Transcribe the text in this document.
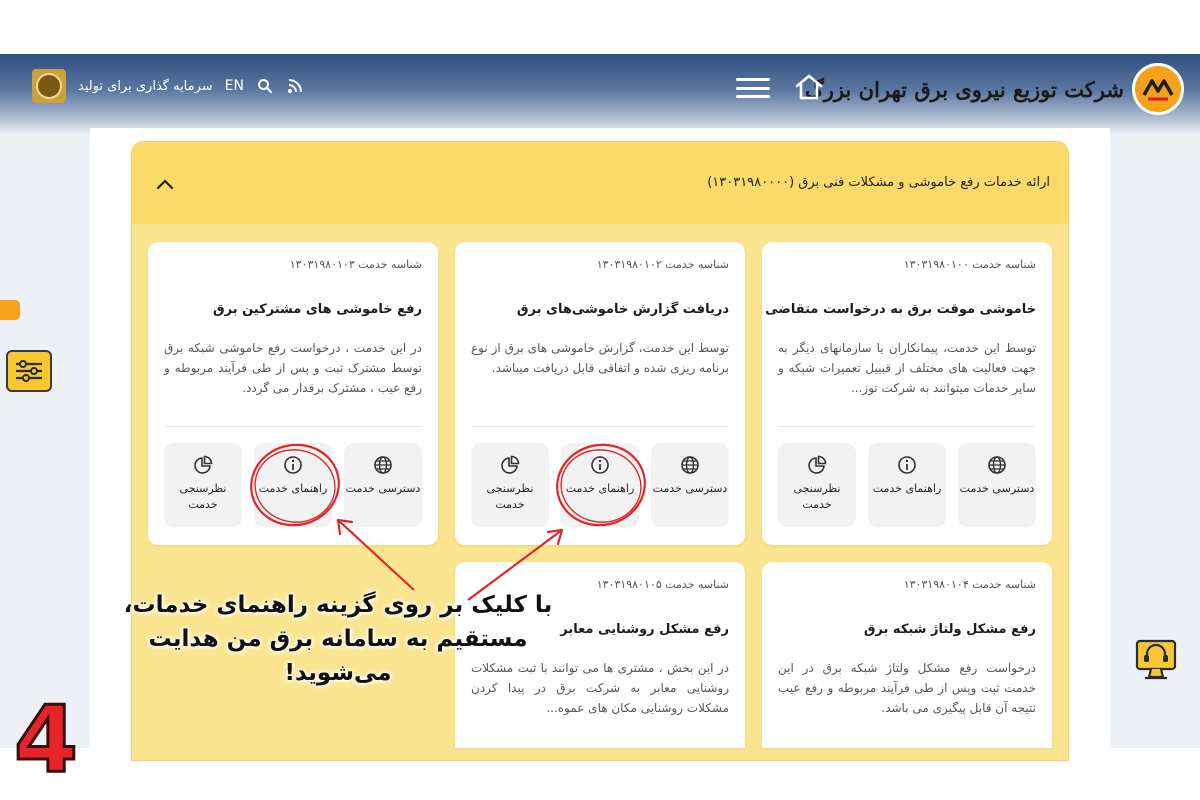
شرکت توزیع نیروی برق تهران بزرگ
سرمایه گذاری برای تولید EN
ارائه خدمات رفع خاموشی و مشکلات فنی برق (۱۳۰۳۱۹۸۰۰۰۰)
شناسه خدمت ۱۳۰۳۱۹۸۰۱۰۰
خاموشی موقت برق به درخواست متقاضی

توسط این خدمت، پیمانکاران یا سازمانهای دیگر به جهت فعالیت های مختلف از قبییل تعمیرات شبکه و سایر خدمات میتوانند به شرکت توز...

دسترسی خدمت
راهنمای خدمت
نظرسنجی خدمت
شناسه خدمت ۱۳۰۳۱۹۸۰۱۰۲
دریافت گزارش خاموشی‌های برق

توسط این خدمت، گزارش خاموشی های برق از نوع برنامه ریزی شده و اتفاقی قابل دریافت میباشد.

دسترسی خدمت
راهنمای خدمت
نظرسنجی خدمت
شناسه خدمت ۱۳۰۳۱۹۸۰۱۰۳
رفع خاموشی های مشترکین برق

در این خدمت ، درخواست رفع خاموشی شبکه برق توسط مشترک ثبت و پس از طی فرآیند مربوطه و رفع عیب ، مشترک برقدار می گردد.

دسترسی خدمت
راهنمای خدمت
نظرسنجی خدمت
شناسه خدمت ۱۳۰۳۱۹۸۰۱۰۴
رفع مشکل ولتاژ شبکه برق

درخواست رفع مشکل ولتاژ شبکه برق در این خدمت ثبت وپس از طی فرآیند مربوطه و رفع عیب نتیجه آن قابل پیگیری می باشد.

شناسه خدمت ۱۳۰۳۱۹۸۰۱۰۵
رفع مشکل روشنایی معابر

در این بخش ، مشتری ها می توانند با ثبت مشکلات روشنایی معابر به شرکت برق در پیدا کردن مشکلات روشنایی مکان های عموه...

با کلیک بر روی گزینه راهنمای خدمات، مستقیم به سامانه برق من هدایت می‌شوید!
4
